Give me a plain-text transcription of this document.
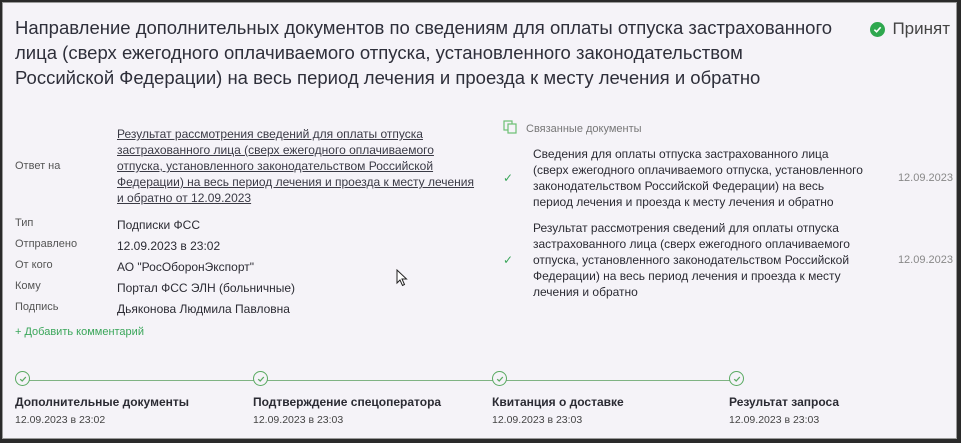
Направление дополнительных документов по сведениям для оплаты отпуска застрахованного лица (сверх ежегодного оплачиваемого отпуска, установленного законодательством Российской Федерации) на весь период лечения и проезда к месту лечения и обратно
Принят
Ответ на
Результат рассмотрения сведений для оплаты отпуска застрахованного лица (сверх ежегодного оплачиваемого отпуска, установленного законодательством Российской Федерации) на весь период лечения и проезда к месту лечения и обратно от 12.09.2023
Тип	Подписки ФСС
Отправлено	12.09.2023 в 23:02
От кого	АО "РосОборонЭкспорт"
Кому	Портал ФСС ЭЛН (больничные)
Подпись	Дьяконова Людмила Павловна
+ Добавить комментарий
Связанные документы
✓
Сведения для оплаты отпуска застрахованного лица (сверх ежегодного оплачиваемого отпуска, установленного законодательством Российской Федерации) на весь период лечения и проезда к месту лечения и обратно
12.09.2023
✓
Результат рассмотрения сведений для оплаты отпуска застрахованного лица (сверх ежегодного оплачиваемого отпуска, установленного законодательством Российской Федерации) на весь период лечения и проезда к месту лечения и обратно
12.09.2023
Дополнительные документы
12.09.2023 в 23:02
Подтверждение спецоператора
12.09.2023 в 23:03
Квитанция о доставке
12.09.2023 в 23:03
Результат запроса
12.09.2023 в 23:03
